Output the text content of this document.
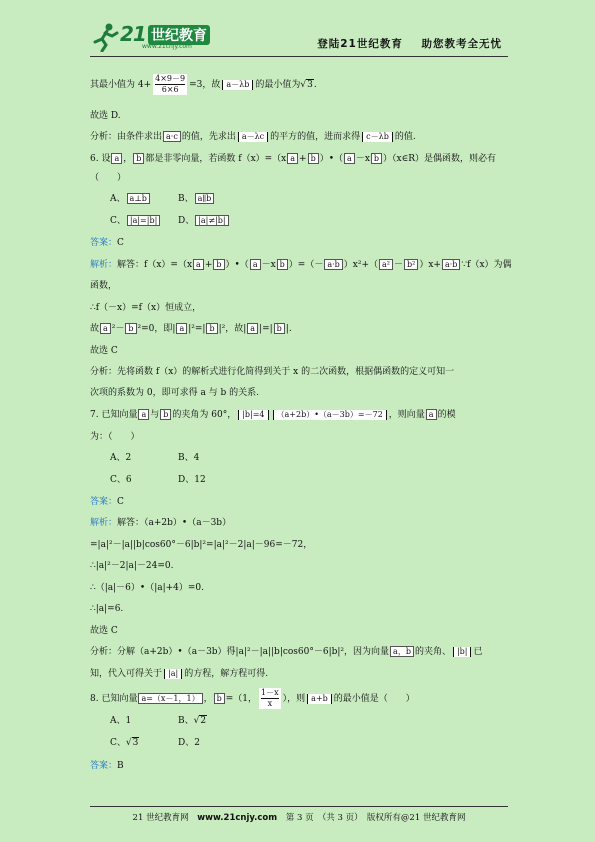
21 世纪教育
www.21cnjy.com	登陆21世纪教育 助您教考全无忧
其最小值为 $4+ \frac{4\times 9-9}{6\times 6} =3$，故 a－λb 的最小值为 √ 3.
故选 D.
分析：由条件求出 a·c 的值，先求出 a－λc 的平方的值，进而求得 c－λb 的值.
6. 设 a ， b 都是非零向量，若函数 f（x）=（x a + b ）•（ a －x b ）（x∈R）是偶函数，则必有
（　　）
A、 a⊥b	B、 a∥b
C、 |a|=|b| D、 |a|≠|b|
答案：C
解析：解答：f（x）=（x a + b ）•（ a －x b ）=（－ a·b ）x²+（ a² － b² ）x+ a·b ∵f（x）为偶
函数，
∴f（－x）=f（x）恒成立，
故 a ²－ b ²=0，即| a |²=| b |²，故| a |=| b |.
故选 C
分析：先将函数 f（x）的解析式进行化简得到关于 x 的二次函数，根据偶函数的定义可知一
次项的系数为 0，即可求得 a 与 b 的关系.
7. 已知向量 a 与 b 的夹角为 60°， |b|=4 （a+2b）•（a－3b）=－72 ，则向量 a 的模
为：（　　）
A、2	B、4
C、6	D、12
答案：C
解析：解答：（a+2b）•（a－3b）
=|a|²－|a||b|cos60°－6|b|²=|a|²－2|a|－96=－72，
∴|a|²－2|a|－24=0.
∴（|a|－6）•（|a|+4）=0.
∴|a|=6.
故选 C
分析：分解（a+2b）•（a－3b）得|a|²－|a||b|cos60°－6|b|²，因为向量 a，b 的夹角、 |b| 已
知，代入可得关于 |a| 的方程，解方程可得.
8. 已知向量 a=（x－1，1） ， b =（1， $\frac{1-x}{x}$ ），则 a+b 的最小值是（　　）
A、1	B、 √ 2
C、 √ 3	D、2
答案：B
21 世纪教育网 www.21cnjy.com 第 3 页　（共 3 页）　版权所有@21 世纪教育网
